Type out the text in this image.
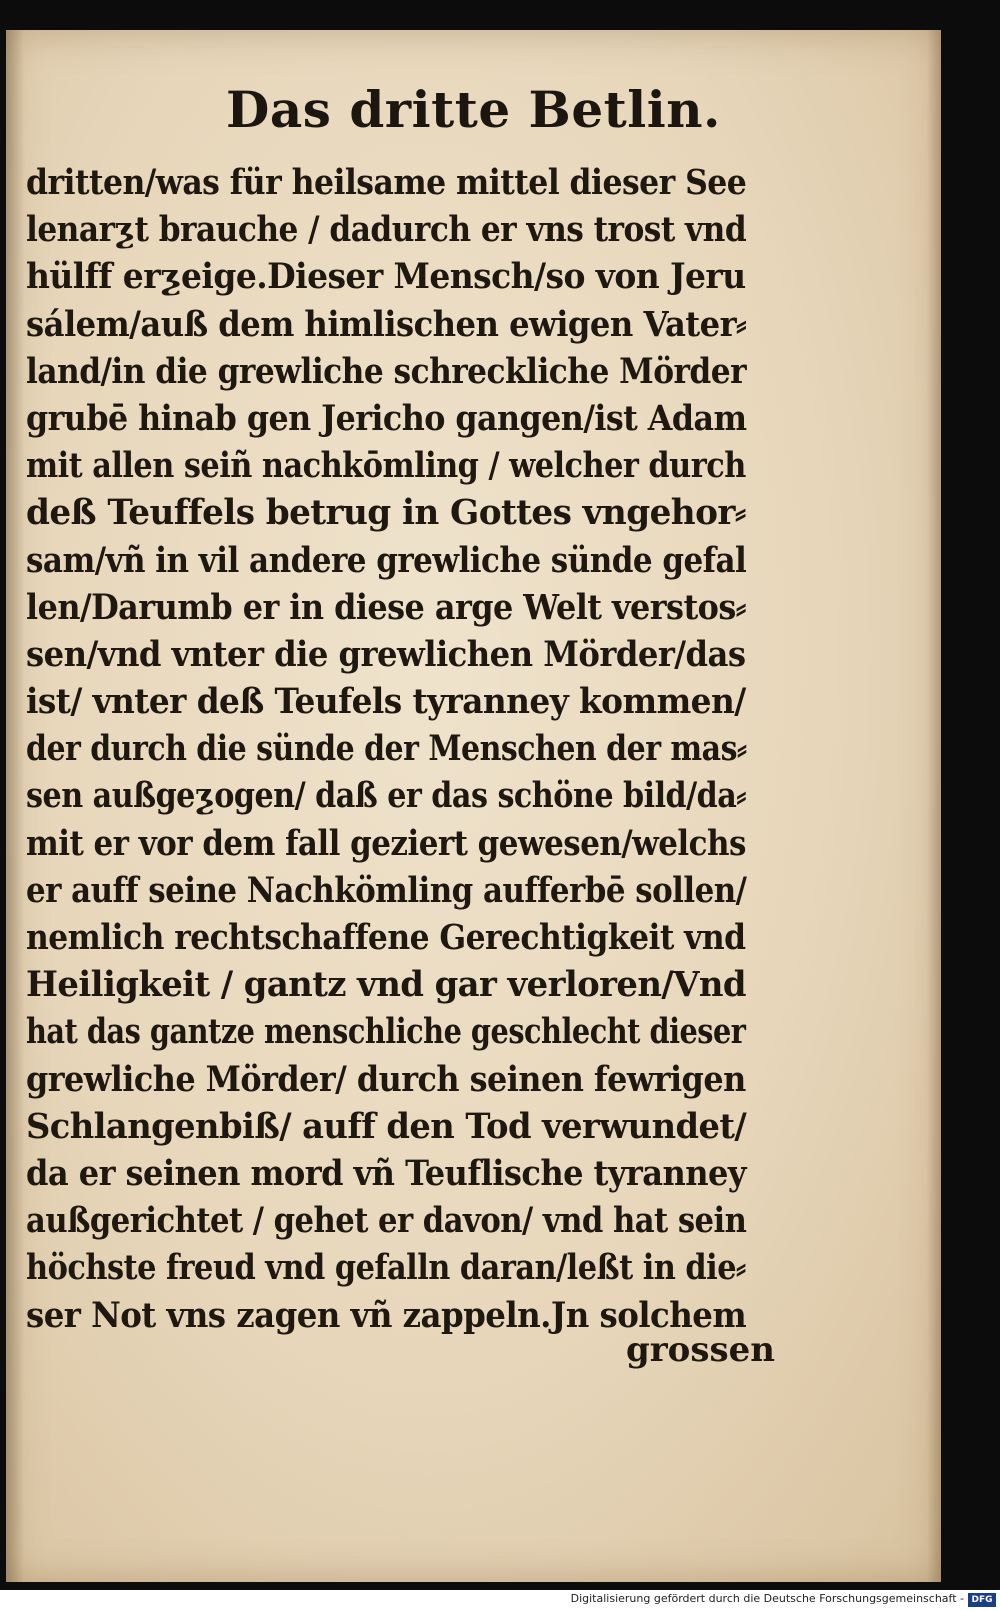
Das dritte Betlin.
dritten/was für heilsame mittel dieser See
lenarƺt brauche / dadurch er vns trost vnd
hülff erƺeige.Dieser Mensch/so von Jeru
sálem/auß dem himlischen ewigen Vater⸗
land/in die grewliche schreckliche Mörder
grubē hinab gen Jericho gangen/ist Adam
mit allen seiñ nachkōmling / welcher durch
deß Teuffels betrug in Gottes vngehor⸗
sam/vñ in vil andere grewliche sünde gefal
len/Darumb er in diese arge Welt verstos⸗
sen/vnd vnter die grewlichen Mörder/das
ist/ vnter deß Teufels tyranney kommen/
der durch die sünde der Menschen der mas⸗
sen außgeƺogen/ daß er das schöne bild/da⸗
mit er vor dem fall geziert gewesen/welchs
er auff seine Nachkömling aufferbē sollen/
nemlich rechtschaffene Gerechtigkeit vnd
Heiligkeit / gantz vnd gar verloren/Vnd
hat das gantze menschliche geschlecht dieser
grewliche Mörder/ durch seinen fewrigen
Schlangenbiß/ auff den Tod verwundet/
da er seinen mord vñ Teuflische tyranney
außgerichtet / gehet er davon/ vnd hat sein
höchste freud vnd gefalln daran/leßt in die⸗
ser Not vns zagen vñ zappeln.Jn solchem
grossen
Digitalisierung gefördert durch die Deutsche Forschungsgemeinschaft - DFG
